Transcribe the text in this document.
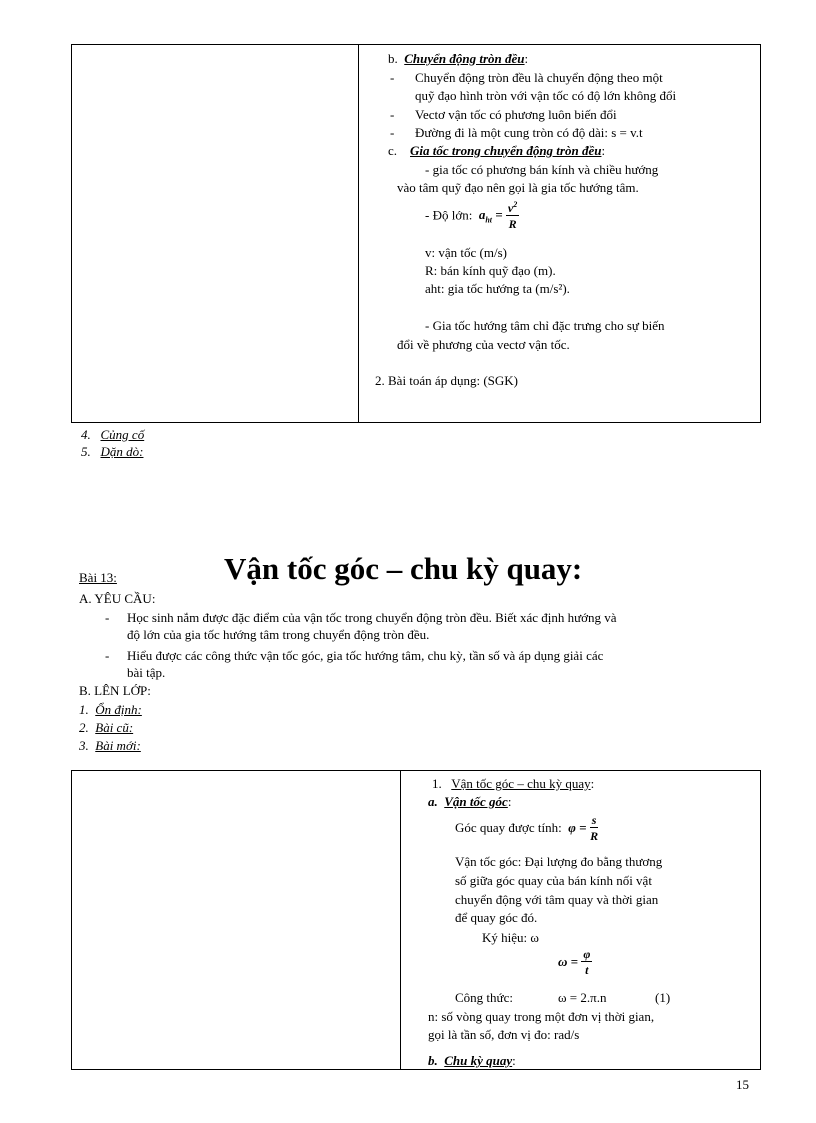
b. Chuyển động tròn đều:
- Chuyển động tròn đều là chuyển động theo một
quỹ đạo hình tròn với vận tốc có độ lớn không đổi
- Vectơ vận tốc có phương luôn biến đổi
- Đường đi là một cung tròn có độ dài: s = v.t
c. Gia tốc trong chuyển động tròn đều:
- gia tốc có phương bán kính và chiều hướng
vào tâm quỹ đạo nên gọi là gia tốc hướng tâm.
- Độ lớn: $a_{ht} = \frac{v^2}{R}$
v: vận tốc (m/s)
R: bán kính quỹ đạo (m).
aht: gia tốc hướng ta (m/s²).
- Gia tốc hướng tâm chỉ đặc trưng cho sự biến
đổi về phương của vectơ vận tốc.
2. Bài toán áp dụng: (SGK)
4. Củng cố
5. Dặn dò:
Bài 13:	Vận tốc góc – chu kỳ quay:
A. YÊU CẦU:
- Học sinh nắm được đặc điểm của vận tốc trong chuyển động tròn đều. Biết xác định hướng và
độ lớn của gia tốc hướng tâm trong chuyển động tròn đều.
- Hiểu được các công thức vận tốc góc, gia tốc hướng tâm, chu kỳ, tần số và áp dụng giải các
bài tập.
B. LÊN LỚP:
1. Ổn định:
2. Bài cũ:
3. Bài mới:
1. Vận tốc góc – chu kỳ quay:
a. Vận tốc góc:
Góc quay được tính: $\varphi = \frac{s}{R}$
Vận tốc góc: Đại lượng đo bằng thương
số giữa góc quay của bán kính nối vật
chuyển động với tâm quay và thời gian
để quay góc đó.
Ký hiệu: ω
$\omega = \frac{\varphi}{t}$
Công thức:	ω = 2.π.n	(1)
n: số vòng quay trong một đơn vị thời gian,
gọi là tần số, đơn vị đo: rad/s
b. Chu kỳ quay:
15
